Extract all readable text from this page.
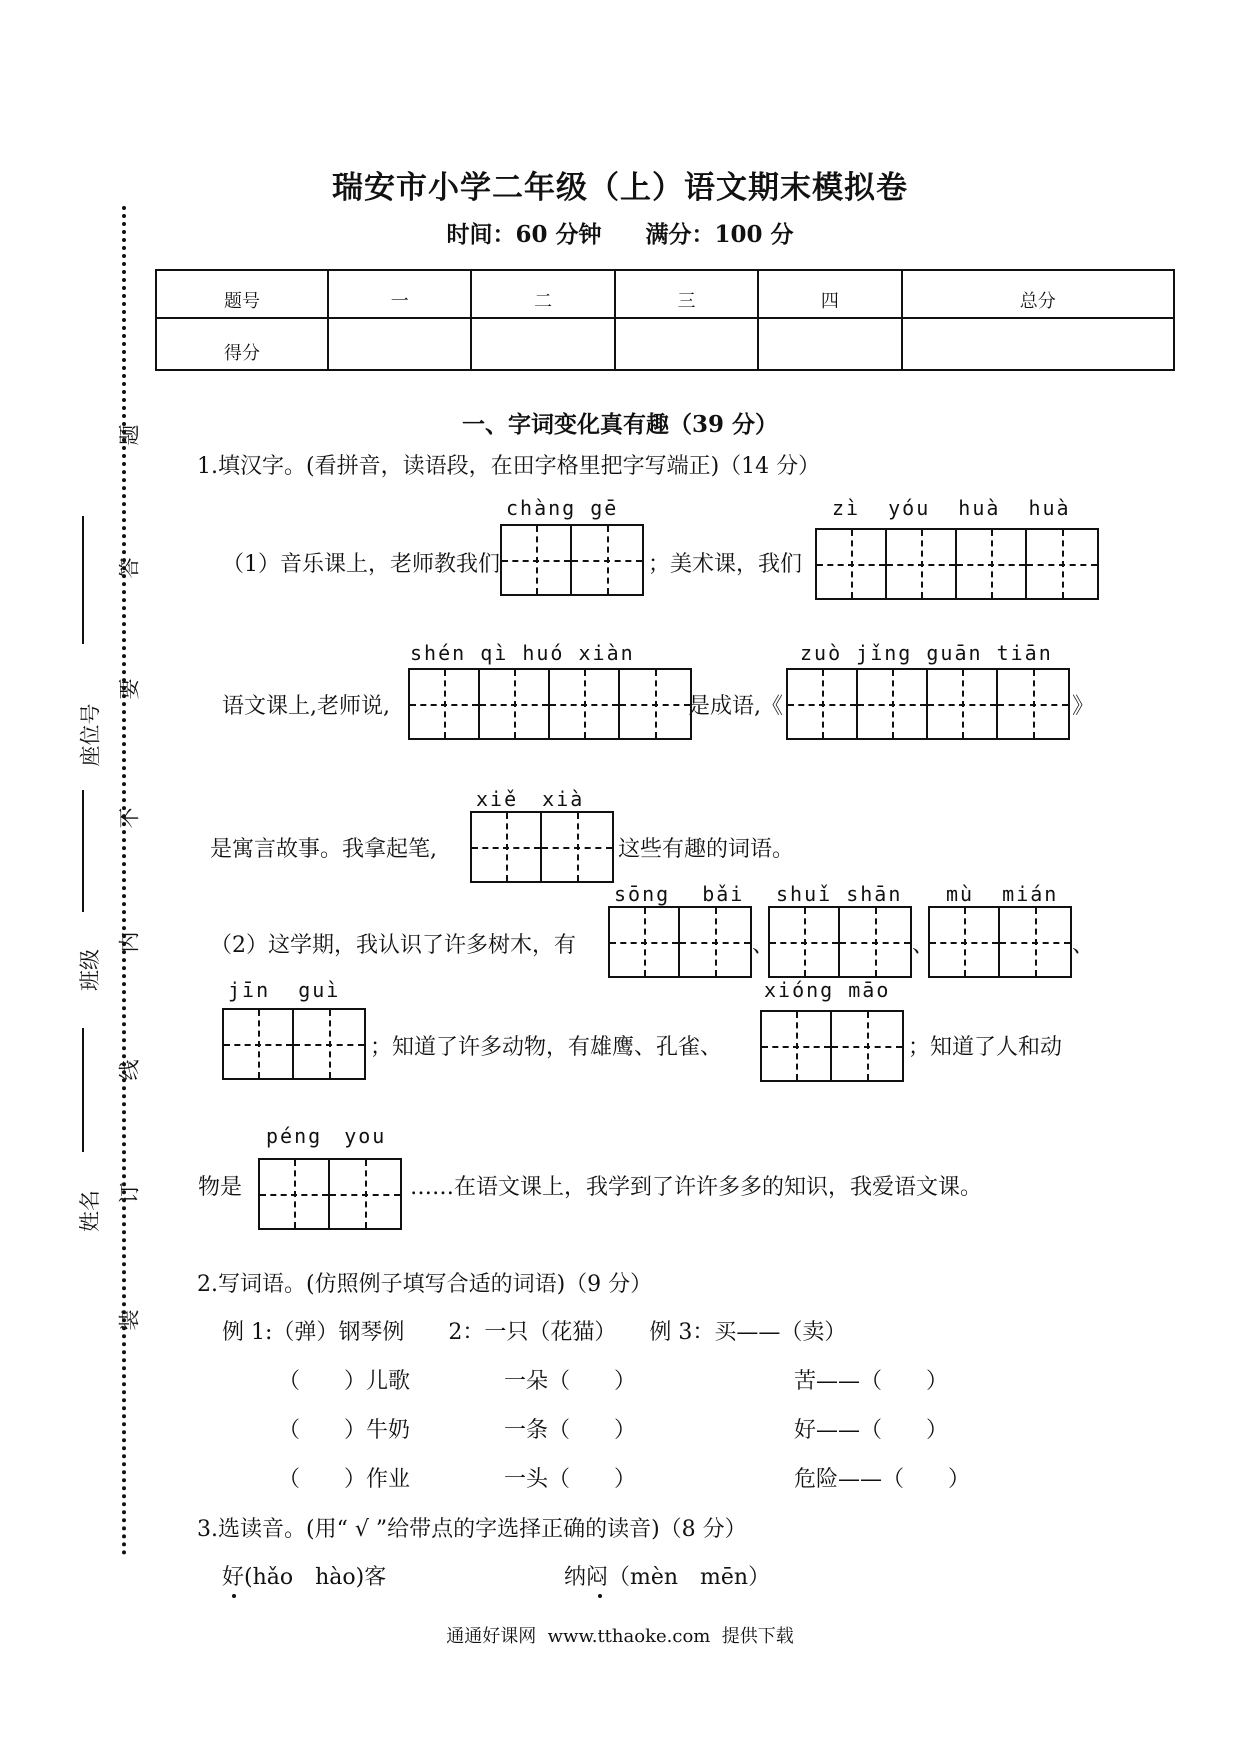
题
答
要
不
内
线
订
装
座位号
班级
姓名
瑞安市小学二年级（上）语文期末模拟卷
时间：60 分钟 满分：100 分
题号	一	二	三	四	总分
得分					
一、字词变化真有趣（39 分）
1.填汉字。(看拼音，读语段，在田字格里把字写端正)（14 分）
（1）音乐课上，老师教我们
chàng gē
；美术课，我们
zì yóu huà huà
语文课上,老师说,
shén qì huó xiàn
是成语,《
zuò jǐng guān tiān
》
是寓言故事。我拿起笔,
xiě xià
这些有趣的词语。
（2）这学期，我认识了许多树木，有
sōng bǎi
、
shuǐ shān
、
mù  mián
、
jīn  guì
；知道了许多动物，有雄鹰、孔雀、
xióng māo
；知道了人和动
péng you
物是	……在语文课上，我学到了许许多多的知识，我爱语文课。
2.写词语。(仿照例子填写合适的词语)（9 分）
例 1:（弹）钢琴例　　2：一只（花猫）　　例 3：买——（卖）
（　　）儿歌	一朵（　　）	苦——（　　）
（　　）牛奶	一条（　　）	好——（　　）
（　　）作业	一头（　　）	危险——（　　）
3.选读音。(用“ √ ”给带点的字选择正确的读音)（8 分）
好(hǎo　hào)客	纳闷（mèn　mēn）
通通好课网  www.tthaoke.com  提供下载
